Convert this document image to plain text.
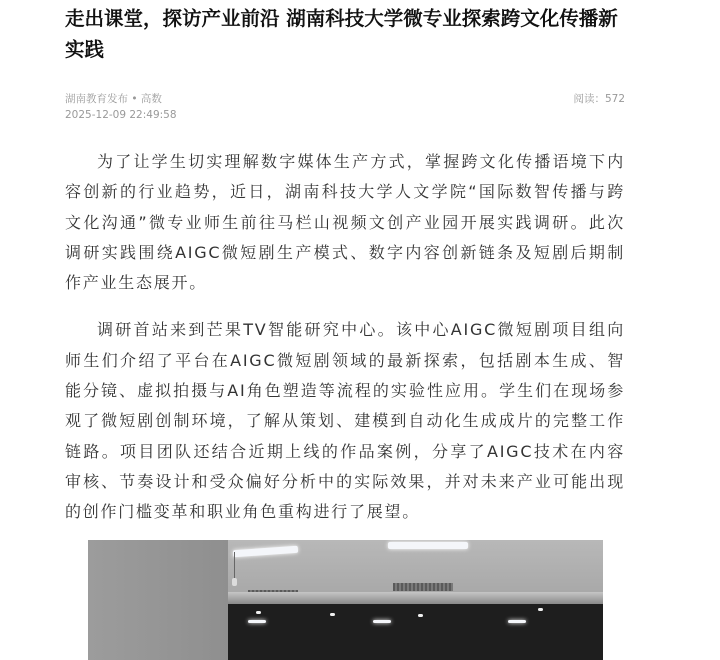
走出课堂，探访产业前沿 湖南科技大学微专业探索跨文化传播新实践
湖南教育发布 • 高数
2025-12-09 22:49:58
阅读：572

为了让学生切实理解数字媒体生产方式，掌握跨文化传播语境下内容创新的行业趋势，近日，湖南科技大学人文学院“国际数智传播与跨文化沟通”微专业师生前往马栏山视频文创产业园开展实践调研。此次调研实践围绕AIGC微短剧生产模式、数字内容创新链条及短剧后期制作产业生态展开。

调研首站来到芒果TV智能研究中心。该中心AIGC微短剧项目组向师生们介绍了平台在AIGC微短剧领域的最新探索，包括剧本生成、智能分镜、虚拟拍摄与AI角色塑造等流程的实验性应用。学生们在现场参观了微短剧创制环境，了解从策划、建模到自动化生成成片的完整工作链路。项目团队还结合近期上线的作品案例，分享了AIGC技术在内容审核、节奏设计和受众偏好分析中的实际效果，并对未来产业可能出现的创作门槛变革和职业角色重构进行了展望。
